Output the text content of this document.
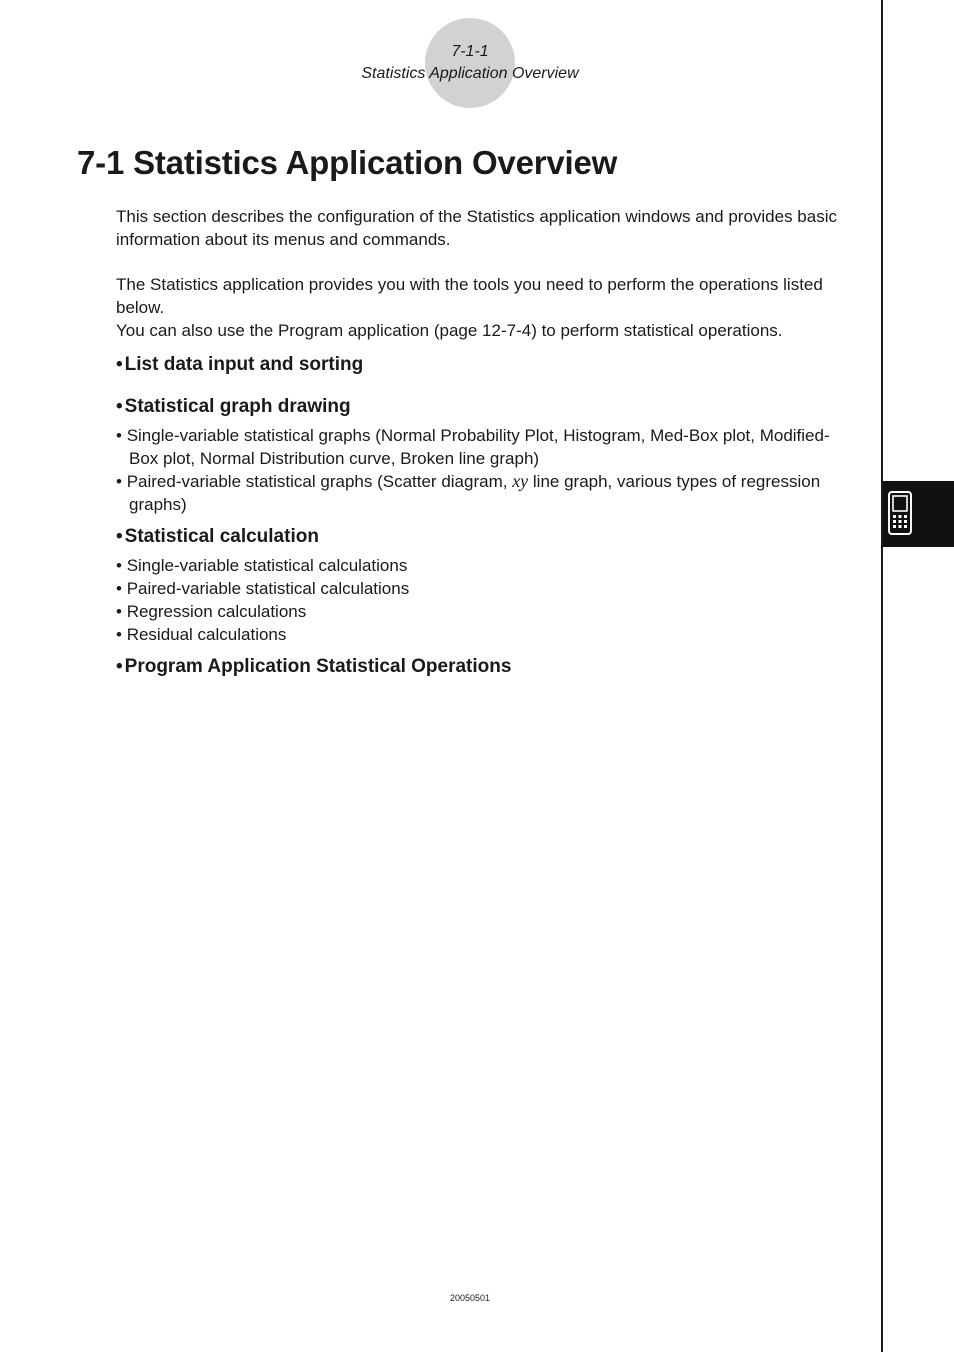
7-1-1
Statistics Application Overview
7-1 Statistics Application Overview

This section describes the configuration of the Statistics application windows and provides basic information about its menus and commands.

The Statistics application provides you with the tools you need to perform the operations listed below.

You can also use the Program application (page 12-7-4) to perform statistical operations.

• List data input and sorting

• Statistical graph drawing

• Single-variable statistical graphs (Normal Probability Plot, Histogram, Med-Box plot, Modified-Box plot, Normal Distribution curve, Broken line graph)
• Paired-variable statistical graphs (Scatter diagram, xy line graph, various types of regression graphs)

• Statistical calculation

• Single-variable statistical calculations
• Paired-variable statistical calculations
• Regression calculations
• Residual calculations

• Program Application Statistical Operations

20050501
